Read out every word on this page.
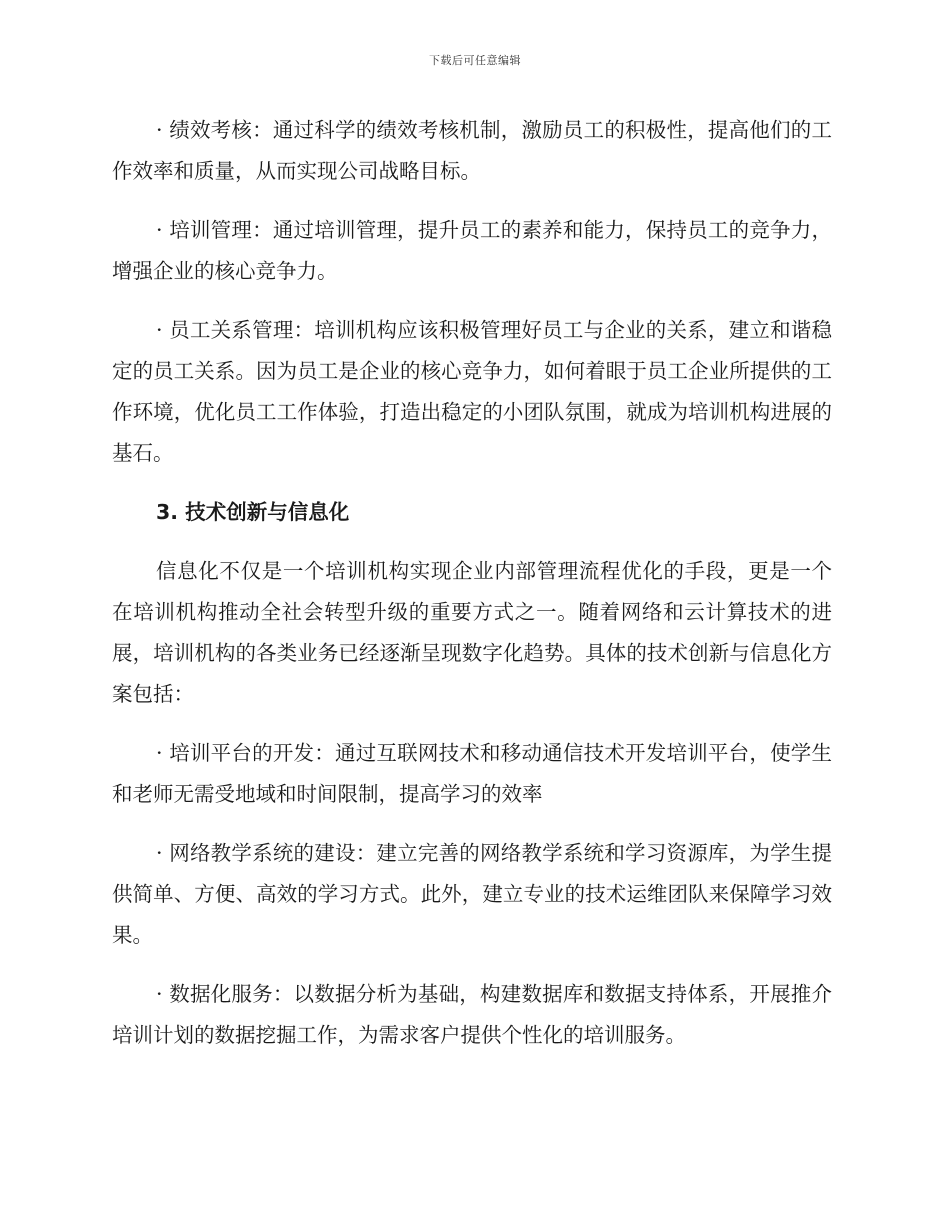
下载后可任意编辑

· 绩效考核：通过科学的绩效考核机制，激励员工的积极性，提高他们的工作效率和质量，从而实现公司战略目标。

· 培训管理：通过培训管理，提升员工的素养和能力，保持员工的竞争力，增强企业的核心竞争力。

· 员工关系管理：培训机构应该积极管理好员工与企业的关系，建立和谐稳定的员工关系。因为员工是企业的核心竞争力，如何着眼于员工企业所提供的工作环境，优化员工工作体验，打造出稳定的小团队氛围，就成为培训机构进展的基石。

3. 技术创新与信息化

信息化不仅是一个培训机构实现企业内部管理流程优化的手段，更是一个在培训机构推动全社会转型升级的重要方式之一。随着网络和云计算技术的进展，培训机构的各类业务已经逐渐呈现数字化趋势。具体的技术创新与信息化方案包括：

· 培训平台的开发：通过互联网技术和移动通信技术开发培训平台，使学生和老师无需受地域和时间限制，提高学习的效率

· 网络教学系统的建设：建立完善的网络教学系统和学习资源库，为学生提供简单、方便、高效的学习方式。此外，建立专业的技术运维团队来保障学习效果。

· 数据化服务：以数据分析为基础，构建数据库和数据支持体系，开展推介培训计划的数据挖掘工作，为需求客户提供个性化的培训服务。
